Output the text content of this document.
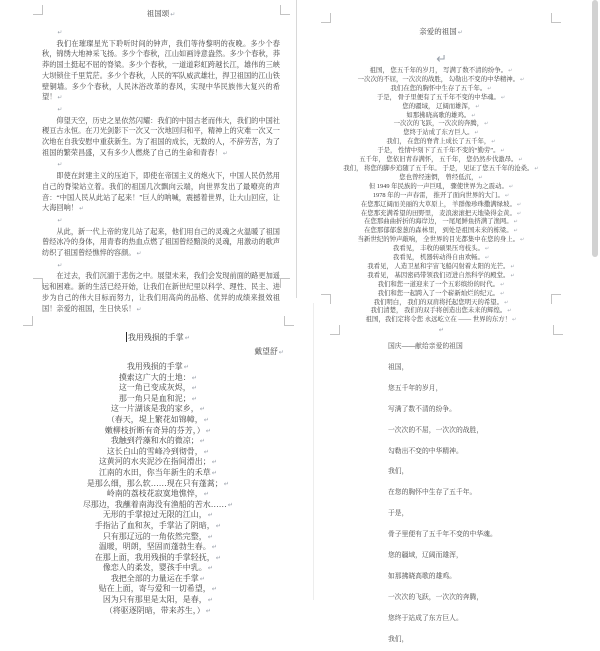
祖国颂↵
↵

我们在璀璨星光下聆听时间的钟声，我们等待黎明的夜晚。多少个春秋，锦绣大地神采飞扬。多少个春秋，江山如画诗意盎然。多少个春秋，莽莽的国土挺起不屈的脊梁。多少个春秋，一道道彩虹跨越长江，雄伟的三峡大坝锁住千里荒茫。多少个春秋，人民的军队威武雄壮，捍卫祖国的江山铁壁铜墙。多少个春秋，人民沐浴改革的春风，实现中华民族伟大复兴的希望！↵

↵

仰望天空，历史之星依然闪耀：我们的中国古老而伟大，我们的中国社稷亘古永恒。在刀光剑影下一次又一次地回归和平，精神上的灾难一次又一次地在自我安慰中重获新生。为了祖国的成长，无数的人，不辞劳苦，为了祖国的繁荣昌盛，又有多少人燃烧了自己的生命和青春！↵

↵

即使在封建主义的压迫下，即使在帝国主义的炮火下，中国人民仍然用自己的脊梁站立着。我们的祖国几次飘向云端，向世界发出了最嘹亮的声音：“中国人民从此站了起来！”巨人的呐喊，震撼着世界，让大山回应，让大海回响！↵

↵

从此，新一代上帝的宠儿站了起来，他们用自己的灵魂之火温暖了祖国曾经冰冷的身体，用青春的热血点燃了祖国曾经黯淡的灵魂，用激动的歌声纺织了祖国曾经憔悴的容颜。↵

↵

在过去，我们沉湎于悲伤之中。展望未来，我们会发现前面的路更加遥远和困难。新的生活已经开始，让我们在新世纪里以科学、理性、民主、进步为自己的伟大目标而努力，让我们用高尚的品格、优异的成绩来报效祖国！亲爱的祖国，生日快乐！↵

亲爱的祖国↵
↵
祖国， 您五千年的岁月， 写满了数不清的纷争。↵
一次次的不屈，一次次的战胜， 勾勒出不变的中华精神。↵
我们在您的胸怀中生存了五千年。↵
于是， 骨子里便有了五千年不变的中华魂。↵
您的疆域， 辽阔而雄浑，↵
如那拂晓高歌的雄鸡。↵
一次次的飞跃，一次次的奔腾，↵
您终于站成了东方巨人。↵
我们， 在您的脊背上成长了五千年，↵
于是， 性情中刻下了五千年不变的“勤劳”。↵
五千年， 您依旧青春满怀， 五千年， 您仍然步伐激昂。↵
我们， 将您的脚步追随了五千年。 于是， 见证了您五千年的沧桑。↵
您也曾经迷惘， 曾经低沉，↵
但 1949 年民族的一声巨吼， 骤使世界为之震动。↵
1978 年的一声春雷， 推开了面向世界的大门。↵
在您那辽阔而美丽的大草原上， 羊群像珍珠撒满绿坡。↵
在您那充满希望的田野里， 麦浪滚滚把天地染得金黄。↵
在您那曲曲折折的海岸边， 一尾尾鲜鱼挤满了渔网。↵
在您那郁郁葱葱的森林里， 到处是祖国未来的栋梁。↵
当新世纪的钟声敲响， 全世界的目光都集中在您的身上。↵
我看见， 丰收的硕果压弯枝头。↵
我看见， 机器转动得自由欢畅。↵
我看见， 人造卫星和宇宙飞船闪射着太阳的光芒。↵
我看见， 基因密码带领我们迈进自然科学的殿堂。↵
我们和您一道迎来了一个五彩缤纷的时代。↵
我们和您一起跨入了一个崭新灿烂的纪元。↵
我们明白， 我们的双肩将托起您明天的希望。↵
我们清楚， 我们的双手将创造出您未来的辉煌。↵
祖国，我们定将令您 永远屹立在 —— 世界的东方！↵
↵
我用残损的手掌↵
戴望舒↵
我用残损的手掌↵
摸索这广大的土地：↵
这一角已变成灰烬，↵
那一角只是血和泥；↵
这一片湖该是我的家乡，↵
（春天，堤上繁花如锦幛，↵
嫩柳枝折断有奇异的芬芳，）↵
我触到荇藻和水的微凉；↵
这长白山的雪峰冷到彻骨，↵
这黄河的水夹泥沙在指间滑出；↵
江南的水田，你当年新生的禾草↵
是那么细，那么软……现在只有蓬蒿；↵
岭南的荔枝花寂寞地憔悴，↵
尽那边，我蘸着南海没有渔船的苦水……↵
无形的手掌掠过无限的江山，↵
手指沾了血和灰，手掌沾了阴暗，↵
只有那辽远的一角依然完整，↵
温暖，明朗，坚固而蓬勃生春。↵
在那上面，我用残损的手掌轻抚，↵
像恋人的柔发，婴孩手中乳。↵
我把全部的力量运在手掌↵
贴在上面，寄与爱和一切希望，↵
因为只有那里是太阳，是春，↵
（将驱逐阴暗，带来苏生，）↵
国庆——献给亲爱的祖国
祖国，
您五千年的岁月，
写满了数不清的纷争。
一次次的不屈，一次次的战胜，
勾勒出不变的中华精神。
我们，
在您的胸怀中生存了五千年。
于是，
骨子里便有了五千年不变的中华魂。
您的疆域，辽阔而雄浑，
如那拂晓高歌的雄鸡。
一次次的飞跃，一次次的奔腾，
您终于站成了东方巨人。
我们，
